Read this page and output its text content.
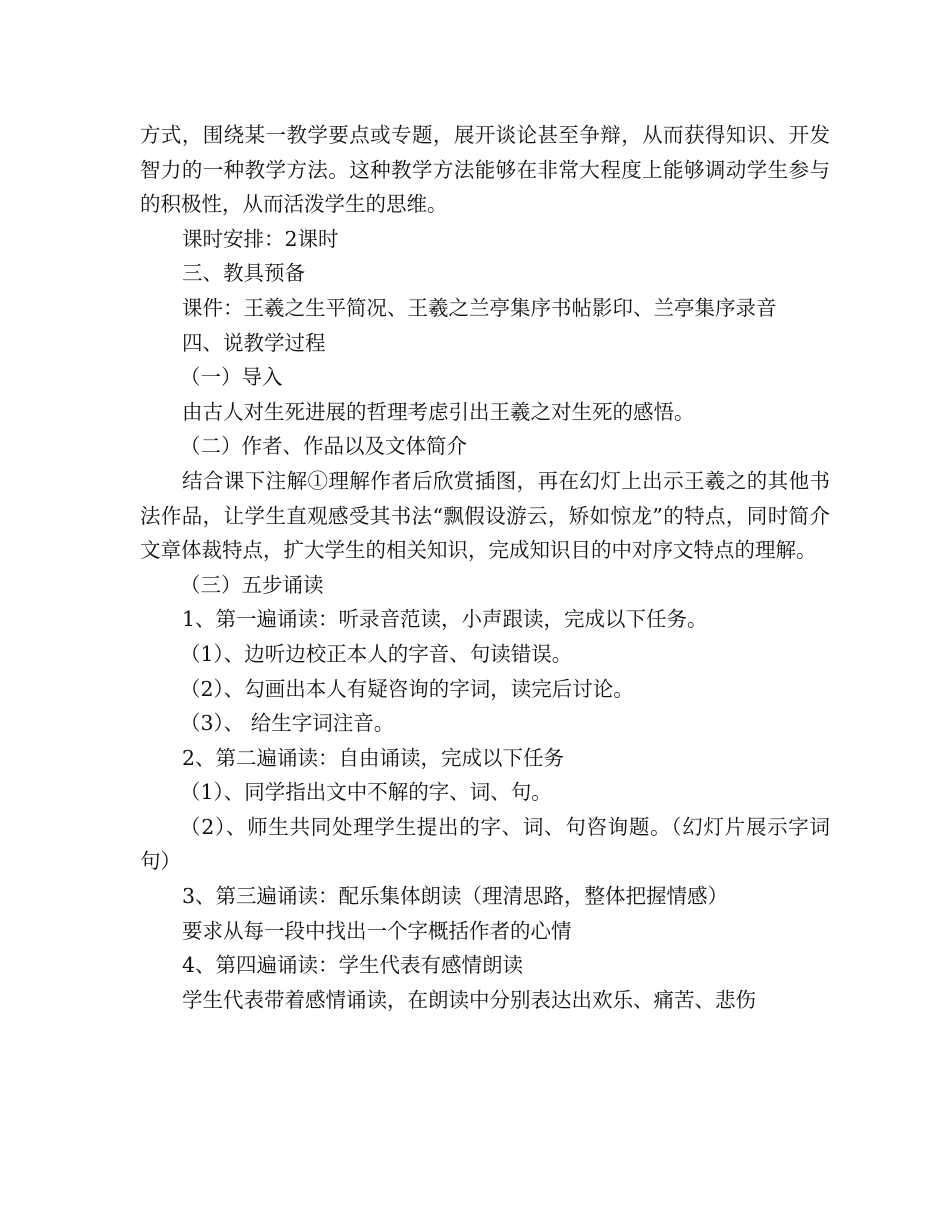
方式，围绕某一教学要点或专题，展开谈论甚至争辩，从而获得知识、开发智力的一种教学方法。这种教学方法能够在非常大程度上能够调动学生参与的积极性，从而活泼学生的思维。

课时安排：2课时

三、教具预备

课件：王羲之生平简况、王羲之兰亭集序书帖影印、兰亭集序录音

四、说教学过程

（一）导入

由古人对生死进展的哲理考虑引出王羲之对生死的感悟。

（二）作者、作品以及文体简介

结合课下注解①理解作者后欣赏插图，再在幻灯上出示王羲之的其他书法作品，让学生直观感受其书法“飘假设游云，矫如惊龙”的特点，同时简介文章体裁特点，扩大学生的相关知识，完成知识目的中对序文特点的理解。

（三）五步诵读

1、第一遍诵读：听录音范读，小声跟读，完成以下任务。

（1）、边听边校正本人的字音、句读错误。

（2）、勾画出本人有疑咨询的字词，读完后讨论。

（3）、 给生字词注音。

2、第二遍诵读：自由诵读，完成以下任务

（1）、同学指出文中不解的字、词、句。

（2）、师生共同处理学生提出的字、词、句咨询题。（幻灯片展示字词句）

3、第三遍诵读：配乐集体朗读（理清思路，整体把握情感）

要求从每一段中找出一个字概括作者的心情

4、第四遍诵读：学生代表有感情朗读

学生代表带着感情诵读，在朗读中分别表达出欢乐、痛苦、悲伤
